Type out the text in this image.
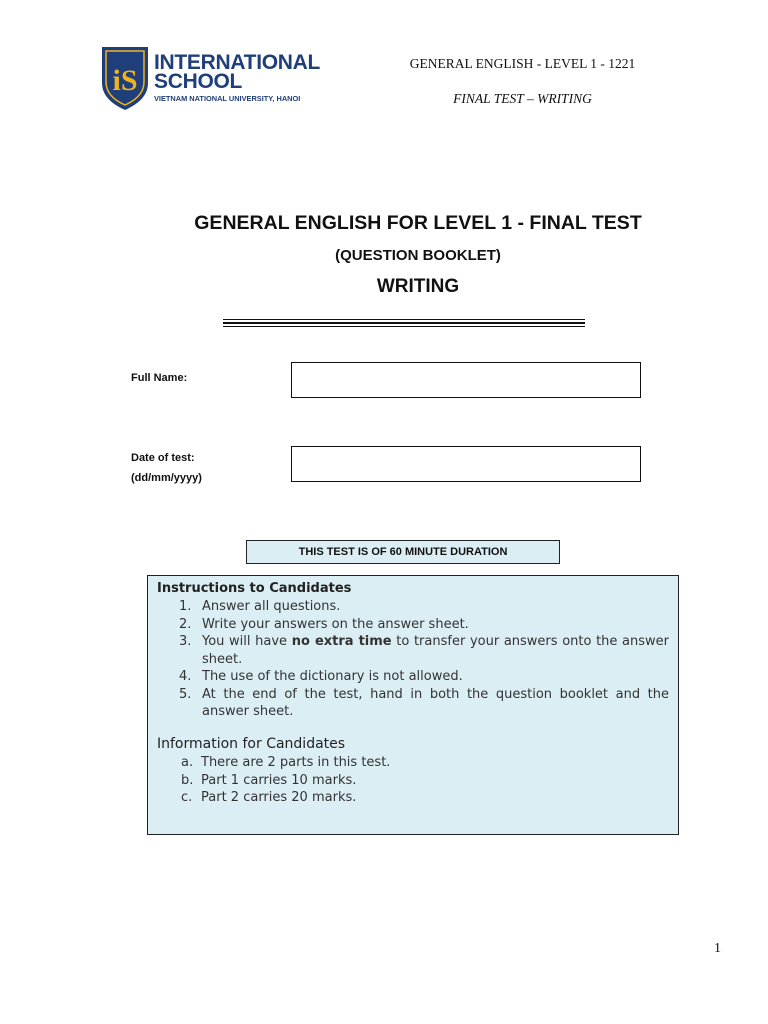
iS
INTERNATIONAL
SCHOOL
VIETNAM NATIONAL UNIVERSITY, HANOI
GENERAL ENGLISH - LEVEL 1 - 1221
FINAL TEST – WRITING
GENERAL ENGLISH FOR LEVEL 1 - FINAL TEST
(QUESTION BOOKLET)
WRITING
Full Name:
Date of test:
(dd/mm/yyyy)
THIS TEST IS OF 60 MINUTE DURATION
Instructions to Candidates
1. Answer all questions.
2. Write your answers on the answer sheet.
3. You will have no extra time to transfer your answers onto the answer sheet.
4. The use of the dictionary is not allowed.
5. At the end of the test, hand in both the question booklet and the answer sheet.
Information for Candidates
a. There are 2 parts in this test.
b. Part 1 carries 10 marks.
c. Part 2 carries 20 marks.
1
